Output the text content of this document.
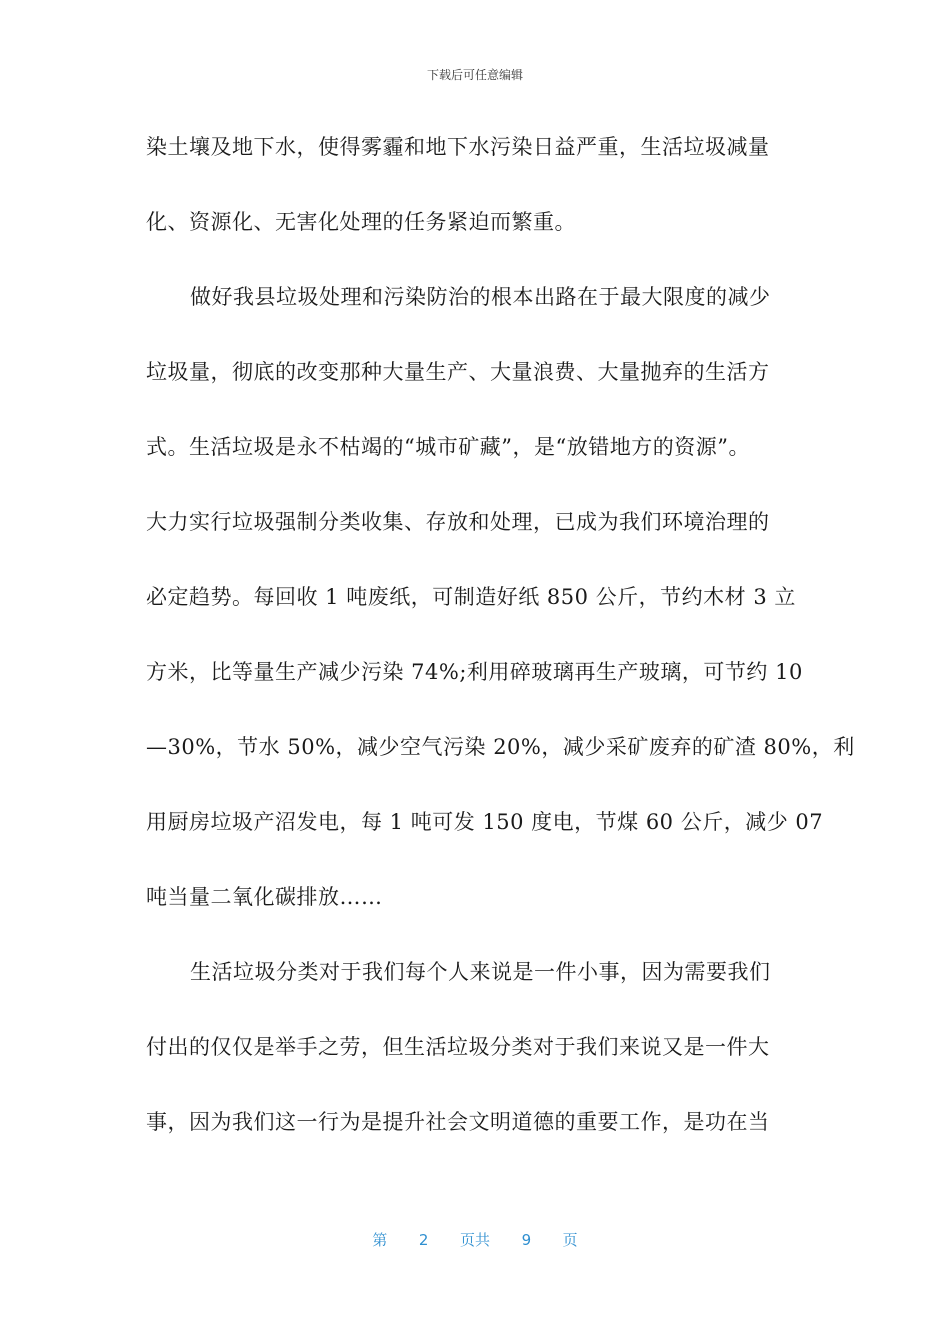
下载后可任意编辑
染土壤及地下水，使得雾霾和地下水污染日益严重，生活垃圾减量
化、资源化、无害化处理的任务紧迫而繁重。
做好我县垃圾处理和污染防治的根本出路在于最大限度的减少
垃圾量，彻底的改变那种大量生产、大量浪费、大量抛弃的生活方
式。生活垃圾是永不枯竭的“城市矿藏”，是“放错地方的资源”。
大力实行垃圾强制分类收集、存放和处理，已成为我们环境治理的
必定趋势。每回收 1 吨废纸，可制造好纸 850 公斤，节约木材 3 立
方米，比等量生产减少污染 74%;利用碎玻璃再生产玻璃，可节约 10
—30%，节水 50%，减少空气污染 20%，减少采矿废弃的矿渣 80%，利
用厨房垃圾产沼发电，每 1 吨可发 150 度电，节煤 60 公斤，减少 07
吨当量二氧化碳排放……
生活垃圾分类对于我们每个人来说是一件小事，因为需要我们
付出的仅仅是举手之劳，但生活垃圾分类对于我们来说又是一件大
事，因为我们这一行为是提升社会文明道德的重要工作，是功在当
第 2 页共 9 页
